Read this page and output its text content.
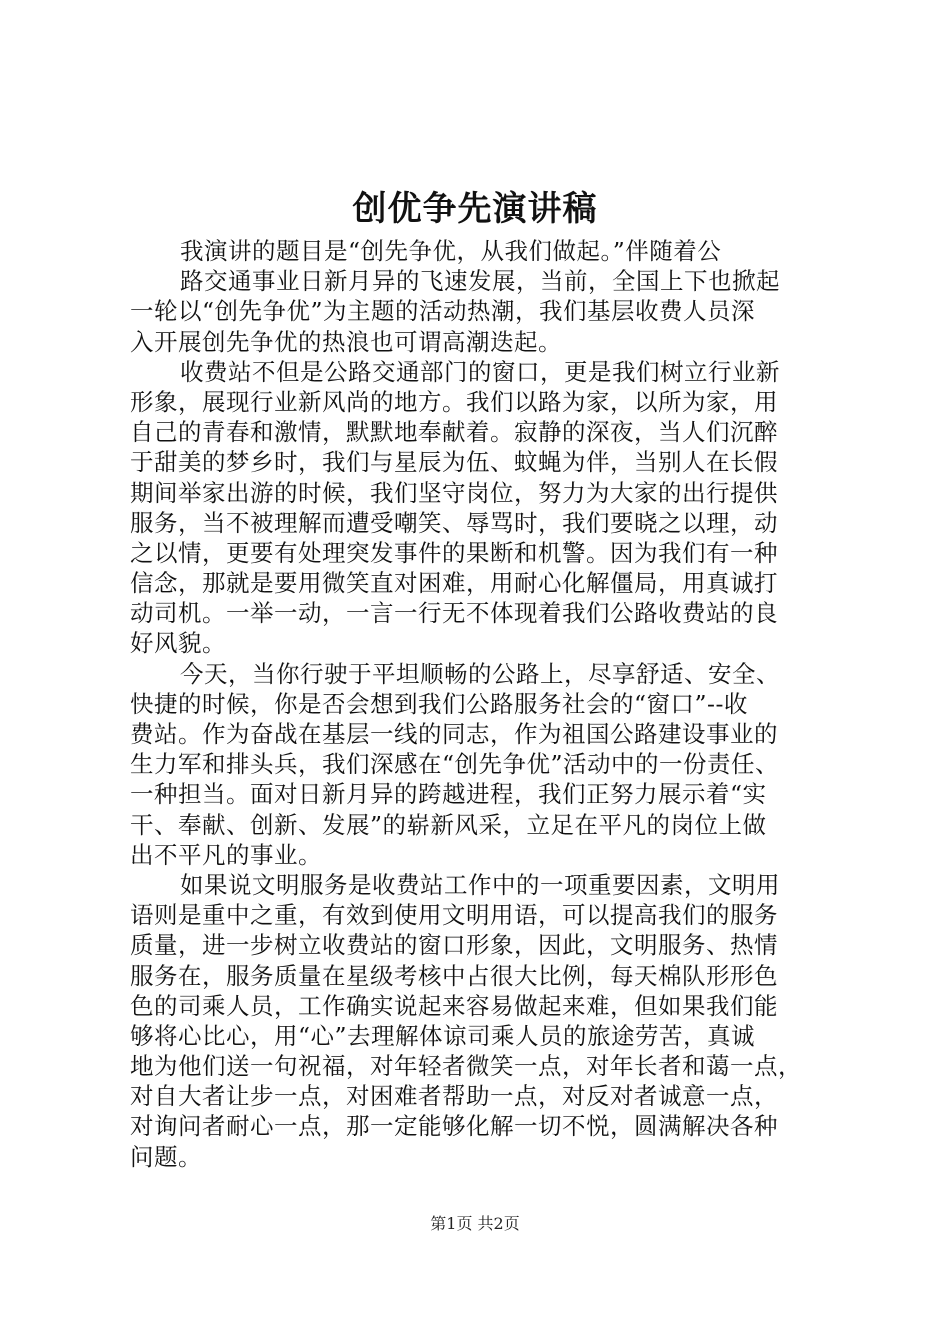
创优争先演讲稿

我演讲的题目是“创先争优，从我们做起。”伴随着公

路交通事业日新月异的飞速发展，当前，全国上下也掀起

一轮以“创先争优”为主题的活动热潮，我们基层收费人员深

入开展创先争优的热浪也可谓高潮迭起。

收费站不但是公路交通部门的窗口，更是我们树立行业新

形象，展现行业新风尚的地方。我们以路为家，以所为家，用

自己的青春和激情，默默地奉献着。寂静的深夜，当人们沉醉

于甜美的梦乡时，我们与星辰为伍、蚊蝇为伴，当别人在长假

期间举家出游的时候，我们坚守岗位，努力为大家的出行提供

服务，当不被理解而遭受嘲笑、辱骂时，我们要晓之以理，动

之以情，更要有处理突发事件的果断和机警。因为我们有一种

信念，那就是要用微笑直对困难，用耐心化解僵局，用真诚打

动司机。一举一动，一言一行无不体现着我们公路收费站的良

好风貌。

今天，当你行驶于平坦顺畅的公路上，尽享舒适、安全、

快捷的时候，你是否会想到我们公路服务社会的“窗口”--收

费站。作为奋战在基层一线的同志，作为祖国公路建设事业的

生力军和排头兵，我们深感在“创先争优”活动中的一份责任、

一种担当。面对日新月异的跨越进程，我们正努力展示着“实

干、奉献、创新、发展”的崭新风采，立足在平凡的岗位上做

出不平凡的事业。

如果说文明服务是收费站工作中的一项重要因素，文明用

语则是重中之重，有效到使用文明用语，可以提高我们的服务

质量，进一步树立收费站的窗口形象，因此，文明服务、热情

服务在，服务质量在星级考核中占很大比例，每天棉队形形色

色的司乘人员，工作确实说起来容易做起来难，但如果我们能

够将心比心，用“心”去理解体谅司乘人员的旅途劳苦，真诚

地为他们送一句祝福，对年轻者微笑一点，对年长者和蔼一点，

对自大者让步一点，对困难者帮助一点，对反对者诚意一点，

对询问者耐心一点，那一定能够化解一切不悦，圆满解决各种

问题。

第1页 共2页
